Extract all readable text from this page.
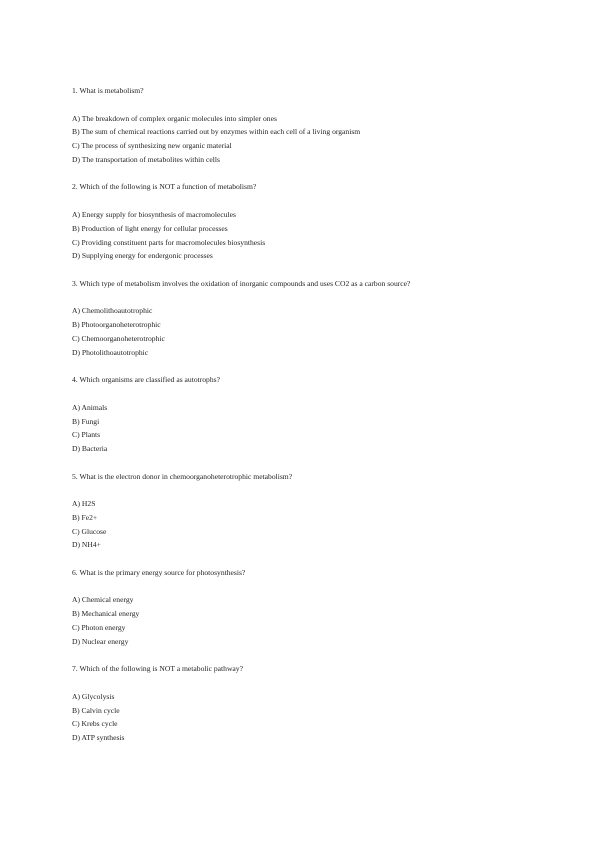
1. What is metabolism?
A) The breakdown of complex organic molecules into simpler ones
B) The sum of chemical reactions carried out by enzymes within each cell of a living organism
C) The process of synthesizing new organic material
D) The transportation of metabolites within cells
2. Which of the following is NOT a function of metabolism?
A) Energy supply for biosynthesis of macromolecules
B) Production of light energy for cellular processes
C) Providing constituent parts for macromolecules biosynthesis
D) Supplying energy for endergonic processes
3. Which type of metabolism involves the oxidation of inorganic compounds and uses CO2 as a carbon source?
A) Chemolithoautotrophic
B) Photoorganoheterotrophic
C) Chemoorganoheterotrophic
D) Photolithoautotrophic
4. Which organisms are classified as autotrophs?
A) Animals
B) Fungi
C) Plants
D) Bacteria
5. What is the electron donor in chemoorganoheterotrophic metabolism?
A) H2S
B) Fe2+
C) Glucose
D) NH4+
6. What is the primary energy source for photosynthesis?
A) Chemical energy
B) Mechanical energy
C) Photon energy
D) Nuclear energy
7. Which of the following is NOT a metabolic pathway?
A) Glycolysis
B) Calvin cycle
C) Krebs cycle
D) ATP synthesis
